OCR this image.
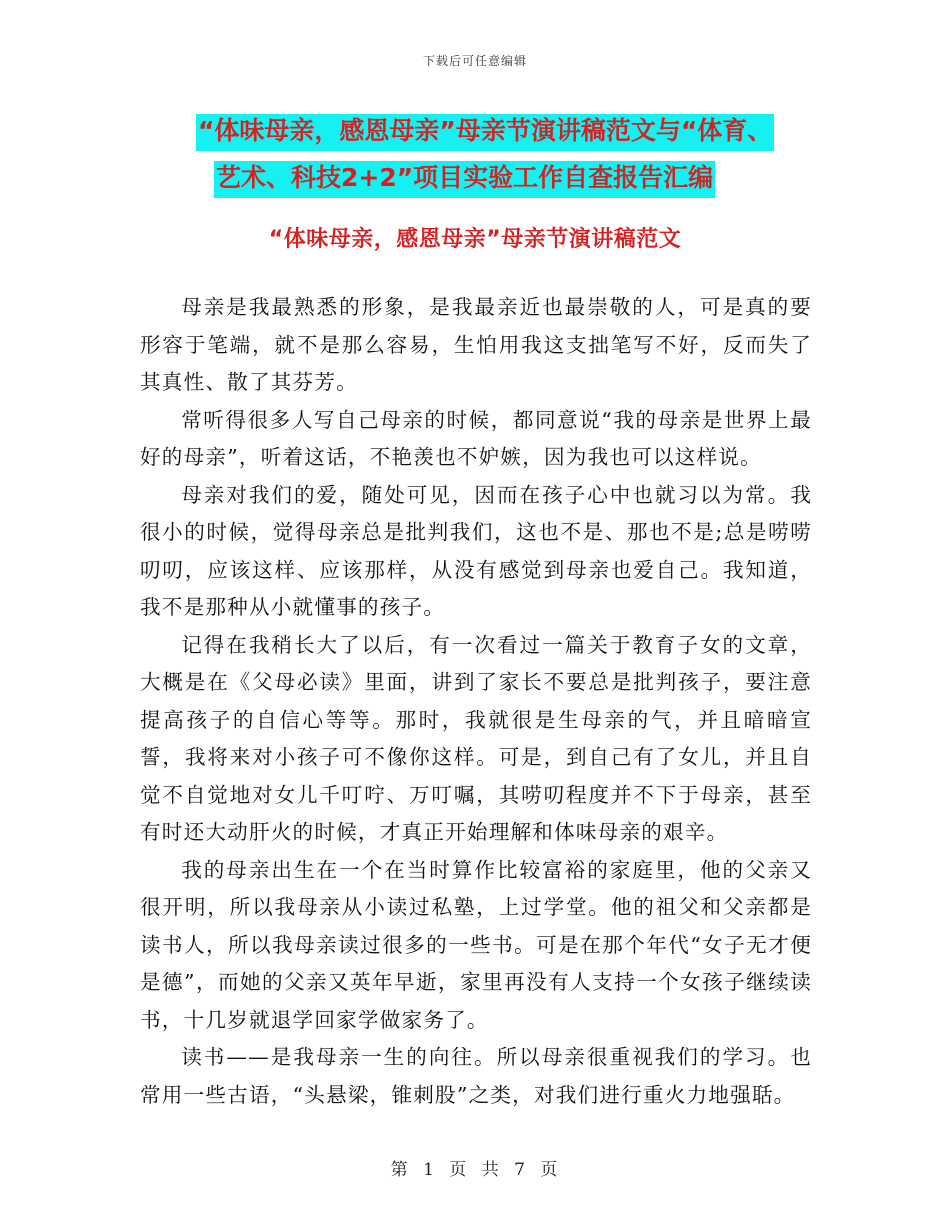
下载后可任意编辑
“体味母亲，感恩母亲”母亲节演讲稿范文与“体育、
艺术、科技2+2”项目实验工作自查报告汇编
“体味母亲，感恩母亲”母亲节演讲稿范文

母亲是我最熟悉的形象，是我最亲近也最崇敬的人，可是真的要形容于笔端，就不是那么容易，生怕用我这支拙笔写不好，反而失了其真性、散了其芬芳。

常听得很多人写自己母亲的时候，都同意说“我的母亲是世界上最好的母亲”，听着这话，不艳羡也不妒嫉，因为我也可以这样说。

母亲对我们的爱，随处可见，因而在孩子心中也就习以为常。我很小的时候，觉得母亲总是批判我们，这也不是、那也不是;总是唠唠叨叨，应该这样、应该那样，从没有感觉到母亲也爱自己。我知道，我不是那种从小就懂事的孩子。

记得在我稍长大了以后，有一次看过一篇关于教育子女的文章，大概是在《父母必读》里面，讲到了家长不要总是批判孩子，要注意提高孩子的自信心等等。那时，我就很是生母亲的气，并且暗暗宣誓，我将来对小孩子可不像你这样。可是，到自己有了女儿，并且自觉不自觉地对女儿千叮咛、万叮嘱，其唠叨程度并不下于母亲，甚至有时还大动肝火的时候，才真正开始理解和体味母亲的艰辛。

我的母亲出生在一个在当时算作比较富裕的家庭里，他的父亲又很开明，所以我母亲从小读过私塾，上过学堂。他的祖父和父亲都是读书人，所以我母亲读过很多的一些书。可是在那个年代“女子无才便是德”，而她的父亲又英年早逝，家里再没有人支持一个女孩子继续读书，十几岁就退学回家学做家务了。

读书——是我母亲一生的向往。所以母亲很重视我们的学习。也常用一些古语，“头悬梁，锥刺股”之类，对我们进行重火力地强聒。

第 1 页 共 7 页
